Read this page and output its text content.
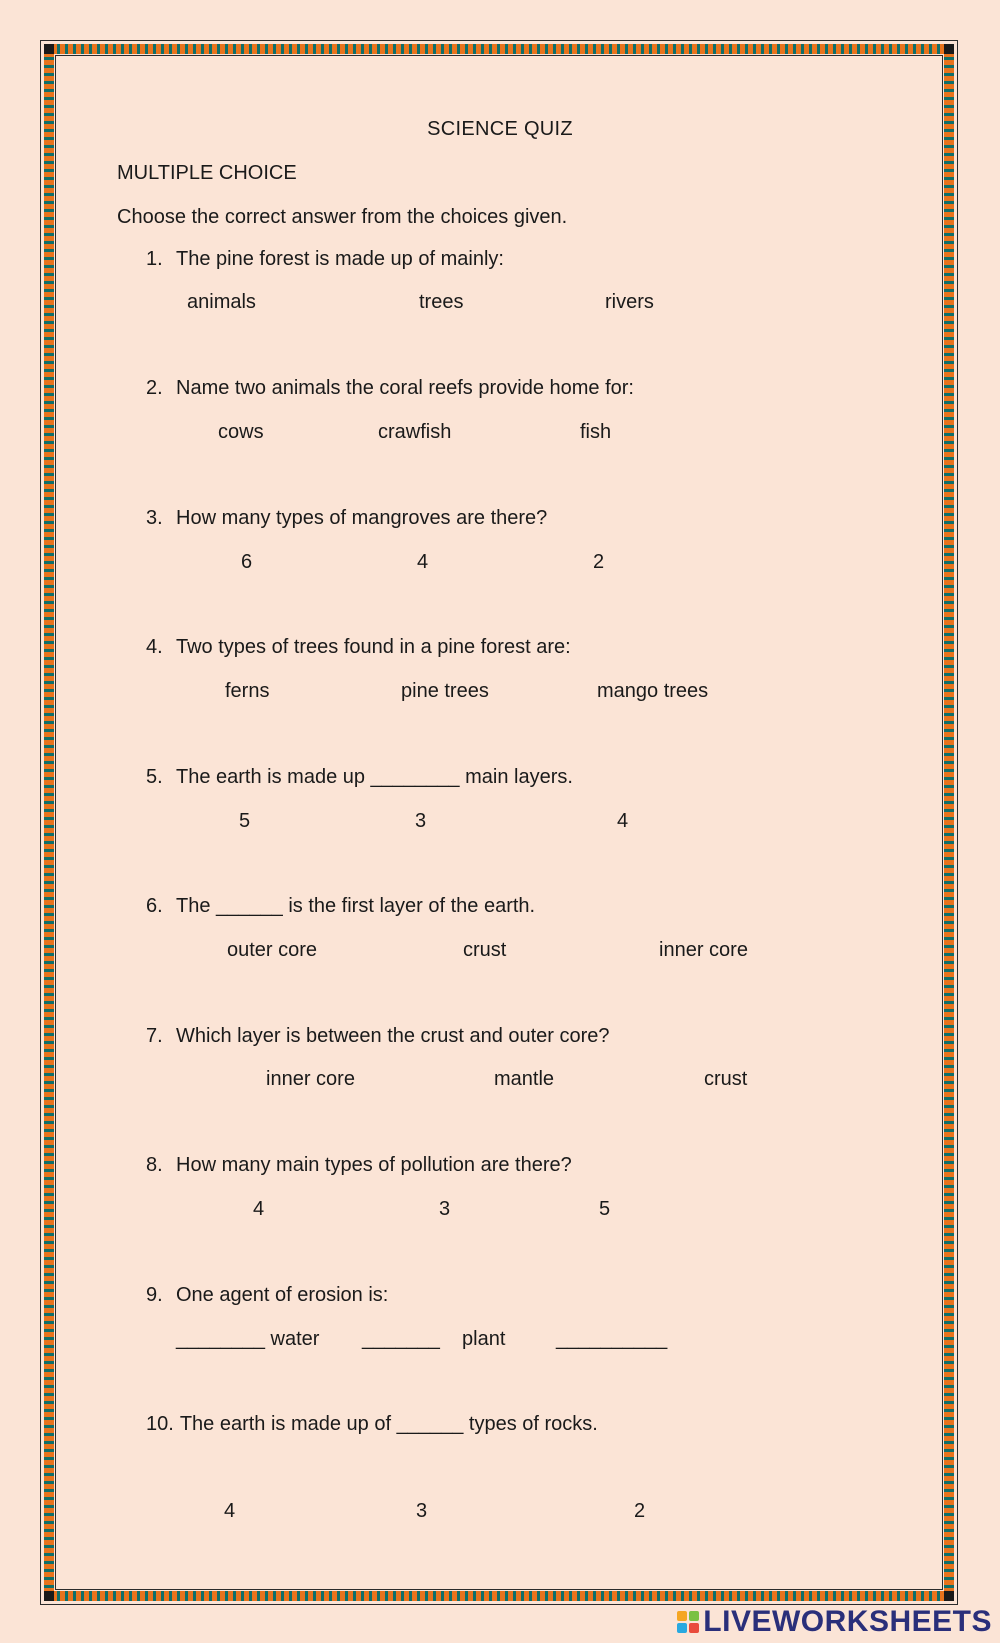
SCIENCE QUIZ
MULTIPLE CHOICE
Choose the correct answer from the choices given.
1. The pine forest is made up of mainly:
animals	trees	rivers
2. Name two animals the coral reefs provide home for:
cows	crawfish	fish
3. How many types of mangroves are there?
6	4	2
4. Two types of trees found in a pine forest are:
ferns	pine trees	mango trees
5. The earth is made up ________ main layers.
5	3	4
6. The ______ is the first layer of the earth.
outer core	crust	inner core
7. Which layer is between the crust and outer core?
inner core	mantle	crust
8. How many main types of pollution are there?
4	3	5
9. One agent of erosion is:
________ water _______ plant	__________
10. The earth is made up of ______ types of rocks.
4	3	2
LIVEWORKSHEETS
